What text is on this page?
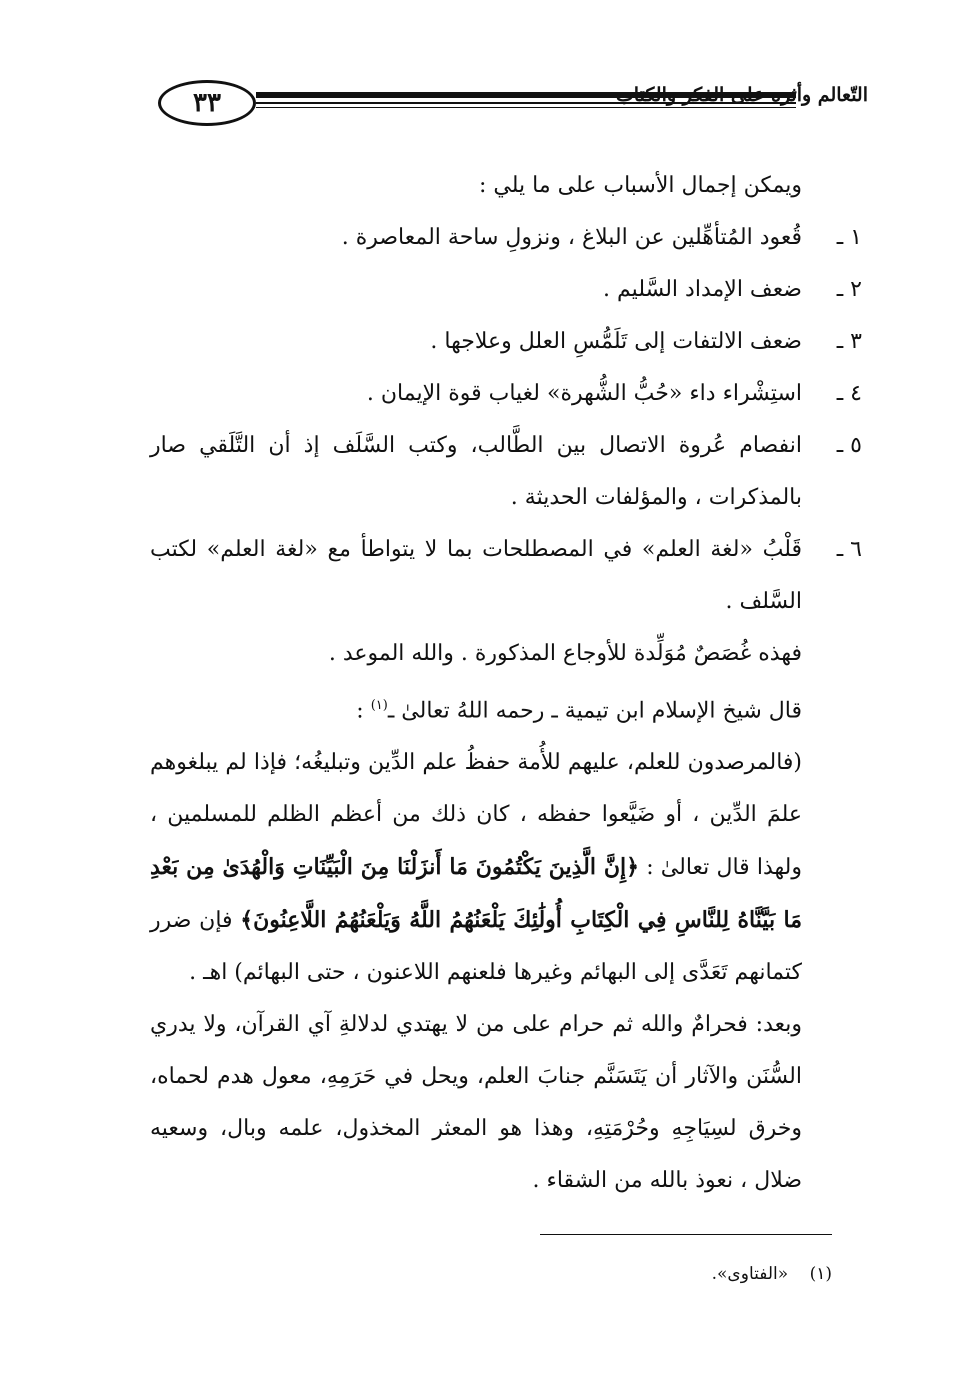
٣٣	التّعالم وأثره على الفكر والكتاب

ويمكن إجمال الأسباب على ما يلي :

١ ـ
قُعود المُتأهِّلين عن البلاغ ، ونزولِ ساحة المعاصرة .
٢ ـ
ضعف الإمداد السَّليم .
٣ ـ
ضعف الالتفات إلى تَلَمُّسِ العلل وعلاجها .
٤ ـ
استِشْراء داء «حُبُّ الشُّهرة» لغياب قوة الإيمان .
٥ ـ
انفصام عُروة الاتصال بين الطَّالب، وكتب السَّلَف إذ أن التَّلَقي صار بالمذكرات ، والمؤلفات الحديثة .
٦ ـ
قَلْبُ «لغة العلم» في المصطلحات بما لا يتواطأ مع «لغة العلم» لكتب السَّلف .

فهذه غُصَصٌ مُوَلِّدة للأوجاع المذكورة . والله الموعد .

قال شيخ الإسلام ابن تيمية ـ رحمه اللهُ تعالىٰ ـ$^{(١)}$ :

(فالمرصدون للعلم، عليهم للأُمة حفظُ علم الدِّين وتبليغُه؛ فإذا لم يبلغوهم علمَ الدِّين ، أو ضَيَّعوا حفظه ، كان ذلك من أعظم الظلم للمسلمين ، ولهذا قال تعالىٰ : ﴿إِنَّ الَّذِينَ يَكْتُمُونَ مَا أَنزَلْنَا مِنَ الْبَيِّنَاتِ وَالْهُدَىٰ مِن بَعْدِ مَا بَيَّنَّاهُ لِلنَّاسِ فِي الْكِتَابِ أُولَٰئِكَ يَلْعَنُهُمُ اللَّهُ وَيَلْعَنُهُمُ اللَّاعِنُونَ﴾ فإن ضرر كتمانهم تَعَدَّى إلى البهائم وغيرها فلعنهم اللاعنون ، حتى البهائم) اهـ .

وبعد: فحرامٌ والله ثم حرام على من لا يهتدي لدلالةِ آي القرآن، ولا يدري السُّنَن والآثار أن يَتَسَنَّم جنابَ العلم، ويحل في حَرَمِهِ، معول هدم لحماه، وخرق لسِيَاجِهِ وحُرْمَتِهِ، وهذا هو المعثر المخذول، علمه وبال، وسعيه ضلال ، نعوذ بالله من الشقاء .

(١) «الفتاوى».
